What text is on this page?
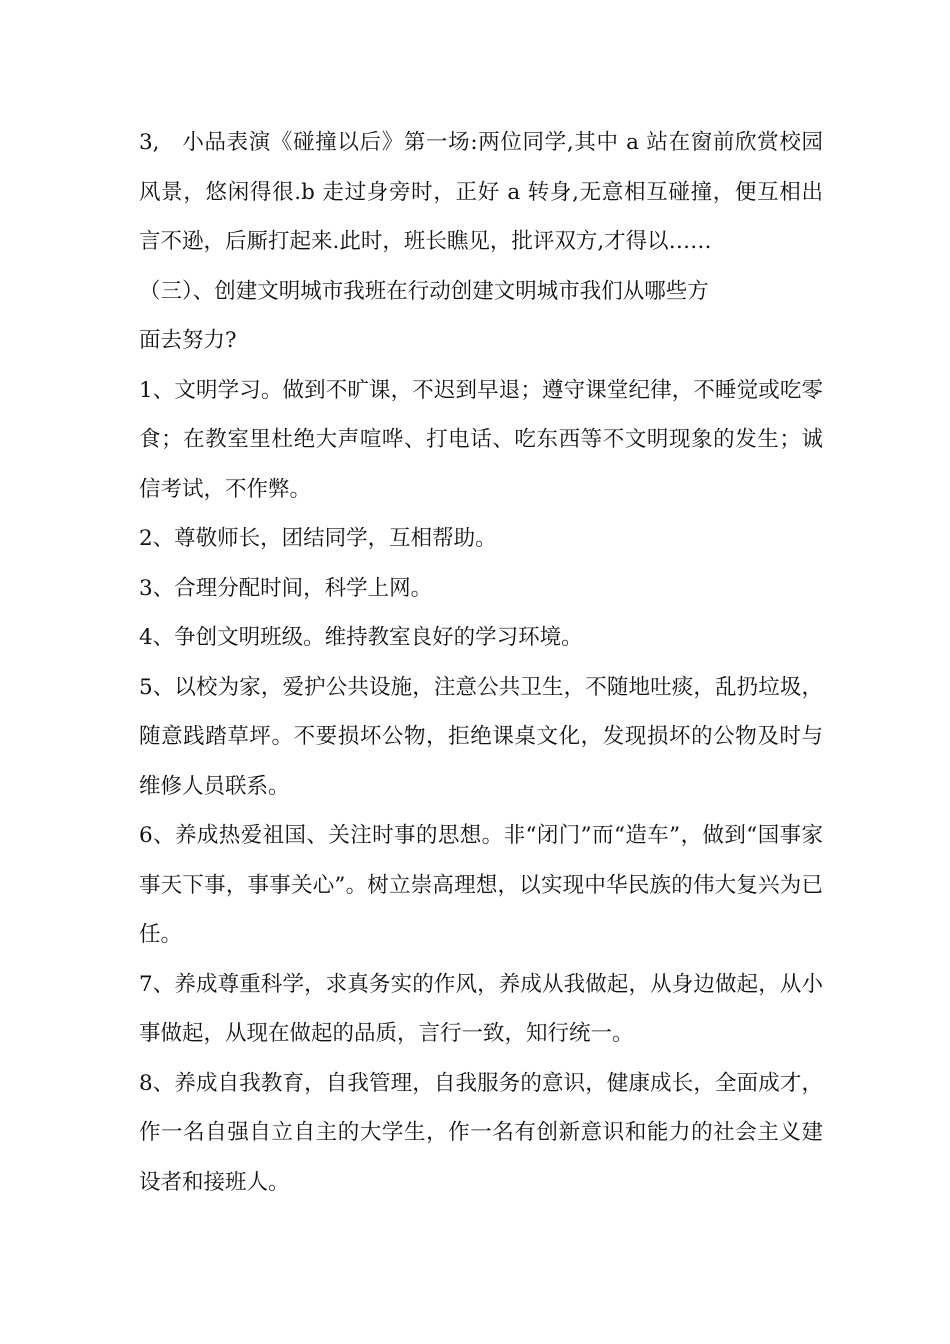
3,　小品表演《碰撞以后》第一场:两位同学,其中 a 站在窗前欣赏校园风景，悠闲得很.b 走过身旁时，正好 a 转身,无意相互碰撞，便互相出言不逊，后厮打起来.此时，班长瞧见，批评双方,才得以……

（三）、创建文明城市我班在行动创建文明城市我们从哪些方

面去努力?

1、文明学习。做到不旷课，不迟到早退；遵守课堂纪律，不睡觉或吃零食；在教室里杜绝大声喧哗、打电话、吃东西等不文明现象的发生；诚信考试，不作弊。

2、尊敬师长，团结同学，互相帮助。

3、合理分配时间，科学上网。

4、争创文明班级。维持教室良好的学习环境。

5、以校为家，爱护公共设施，注意公共卫生，不随地吐痰，乱扔垃圾，随意践踏草坪。不要损坏公物，拒绝课桌文化，发现损坏的公物及时与维修人员联系。

6、养成热爱祖国、关注时事的思想。非“闭门”而“造车”，做到“国事家事天下事，事事关心”。树立崇高理想，以实现中华民族的伟大复兴为已任。

7、养成尊重科学，求真务实的作风，养成从我做起，从身边做起，从小事做起，从现在做起的品质，言行一致，知行统一。

8、养成自我教育，自我管理，自我服务的意识，健康成长，全面成才，作一名自强自立自主的大学生，作一名有创新意识和能力的社会主义建设者和接班人。
